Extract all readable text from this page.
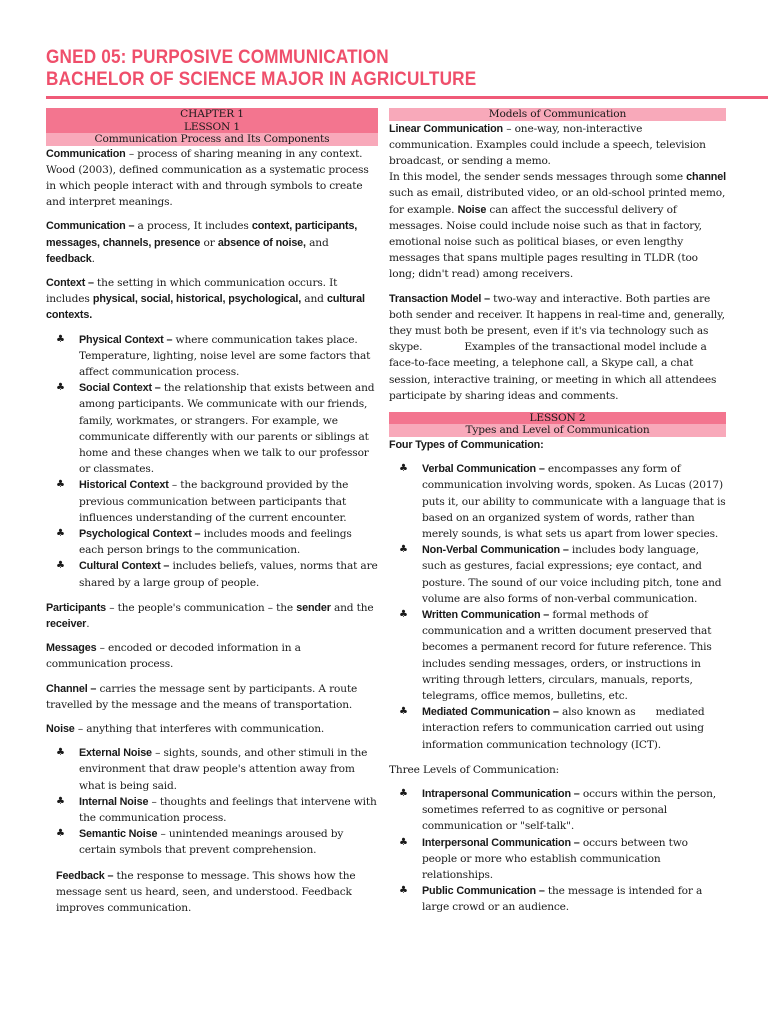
GNED 05: PURPOSIVE COMMUNICATION
BACHELOR OF SCIENCE MAJOR IN AGRICULTURE
CHAPTER 1
LESSON 1
Communication Process and Its Components

Communication – process of sharing meaning in any context. Wood (2003), defined communication as a systematic process in which people interact with and through symbols to create and interpret meanings.

Communication – a process, It includes context, participants, messages, channels, presence or absence of noise, and feedback.

Context – the setting in which communication occurs. It includes physical, social, historical, psychological, and cultural contexts.

♣ Physical Context – where communication takes place. Temperature, lighting, noise level are some factors that affect communication process.
♣ Social Context – the relationship that exists between and among participants. We communicate with our friends, family, workmates, or strangers. For example, we communicate differently with our parents or siblings at home and these changes when we talk to our professor or classmates.
♣ Historical Context – the background provided by the previous communication between participants that influences understanding of the current encounter.
♣ Psychological Context – includes moods and feelings each person brings to the communication.
♣ Cultural Context – includes beliefs, values, norms that are shared by a large group of people.

Participants – the people's communication – the sender and the receiver.

Messages – encoded or decoded information in a communication process.

Channel – carries the message sent by participants. A route travelled by the message and the means of transportation.

Noise – anything that interferes with communication.

♣ External Noise – sights, sounds, and other stimuli in the environment that draw people's attention away from what is being said.
♣ Internal Noise – thoughts and feelings that intervene with the communication process.
♣ Semantic Noise – unintended meanings aroused by certain symbols that prevent comprehension.

Feedback – the response to message. This shows how the message sent us heard, seen, and understood. Feedback improves communication.

Models of Communication

Linear Communication – one-way, non-interactive communication. Examples could include a speech, television broadcast, or sending a memo.

In this model, the sender sends messages through some channel such as email, distributed video, or an old-school printed memo, for example. Noise can affect the successful delivery of messages. Noise could include noise such as that in factory, emotional noise such as political biases, or even lengthy messages that spans multiple pages resulting in TLDR (too long; didn't read) among receivers.

Transaction Model – two-way and interactive. Both parties are both sender and receiver. It happens in real-time and, generally, they must both be present, even if it's via technology such as skype.	Examples of the transactional model include a face-to-face meeting, a telephone call, a Skype call, a chat session, interactive training, or meeting in which all attendees participate by sharing ideas and comments.

LESSON 2
Types and Level of Communication

Four Types of Communication:

♣ Verbal Communication – encompasses any form of communication involving words, spoken. As Lucas (2017) puts it, our ability to communicate with a language that is based on an organized system of words, rather than merely sounds, is what sets us apart from lower species.
♣ Non-Verbal Communication – includes body language, such as gestures, facial expressions; eye contact, and posture. The sound of our voice including pitch, tone and volume are also forms of non-verbal communication.
♣ Written Communication – formal methods of communication and a written document preserved that becomes a permanent record for future reference. This includes sending messages, orders, or instructions in writing through letters, circulars, manuals, reports, telegrams, office memos, bulletins, etc.
♣ Mediated Communication – also known as mediated interaction refers to communication carried out using information communication technology (ICT).

Three Levels of Communication:

♣ Intrapersonal Communication – occurs within the person, sometimes referred to as cognitive or personal communication or "self-talk".
♣ Interpersonal Communication – occurs between two people or more who establish communication relationships.
♣ Public Communication – the message is intended for a large crowd or an audience.
